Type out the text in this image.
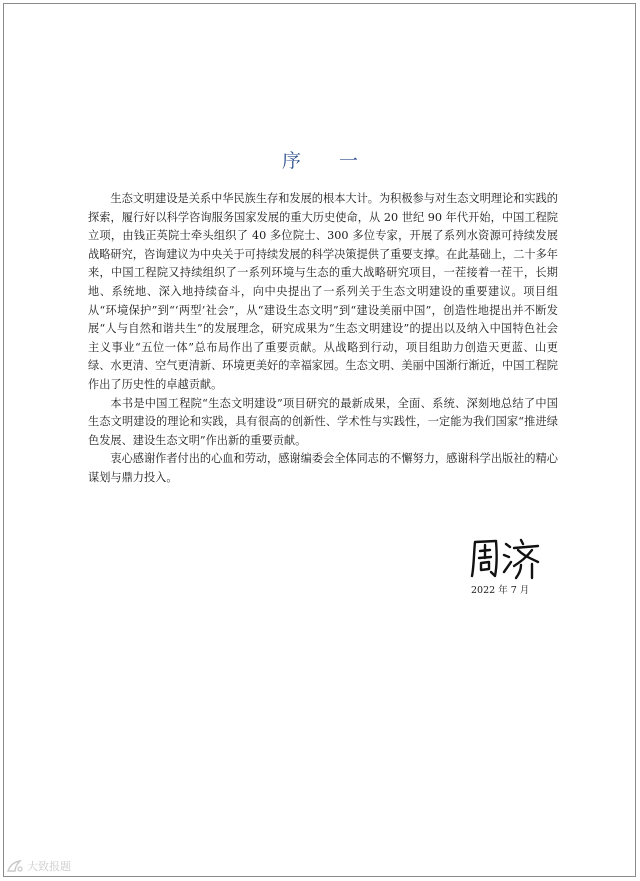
序一

生态文明建设是关系中华民族生存和发展的根本大计。为积极参与对生态文明理论和实践的探索，履行好以科学咨询服务国家发展的重大历史使命，从 20 世纪 90 年代开始，中国工程院立项，由钱正英院士牵头组织了 40 多位院士、300 多位专家，开展了系列水资源可持续发展战略研究，咨询建议为中央关于可持续发展的科学决策提供了重要支撑。在此基础上，二十多年来，中国工程院又持续组织了一系列环境与生态的重大战略研究项目，一茬接着一茬干，长期地、系统地、深入地持续奋斗，向中央提出了一系列关于生态文明建设的重要建议。项目组从“环境保护”到“‘两型’社会”，从“建设生态文明”到“建设美丽中国”，创造性地提出并不断发展“人与自然和谐共生”的发展理念，研究成果为“生态文明建设”的提出以及纳入中国特色社会主义事业“五位一体”总布局作出了重要贡献。从战略到行动，项目组助力创造天更蓝、山更绿、水更清、空气更清新、环境更美好的幸福家园。生态文明、美丽中国渐行渐近，中国工程院作出了历史性的卓越贡献。

本书是中国工程院“生态文明建设”项目研究的最新成果，全面、系统、深刻地总结了中国生态文明建设的理论和实践，具有很高的创新性、学术性与实践性，一定能为我们国家“推进绿色发展、建设生态文明”作出新的重要贡献。

衷心感谢作者付出的心血和劳动，感谢编委会全体同志的不懈努力，感谢科学出版社的精心谋划与鼎力投入。

2022 年 7 月
大致报题
